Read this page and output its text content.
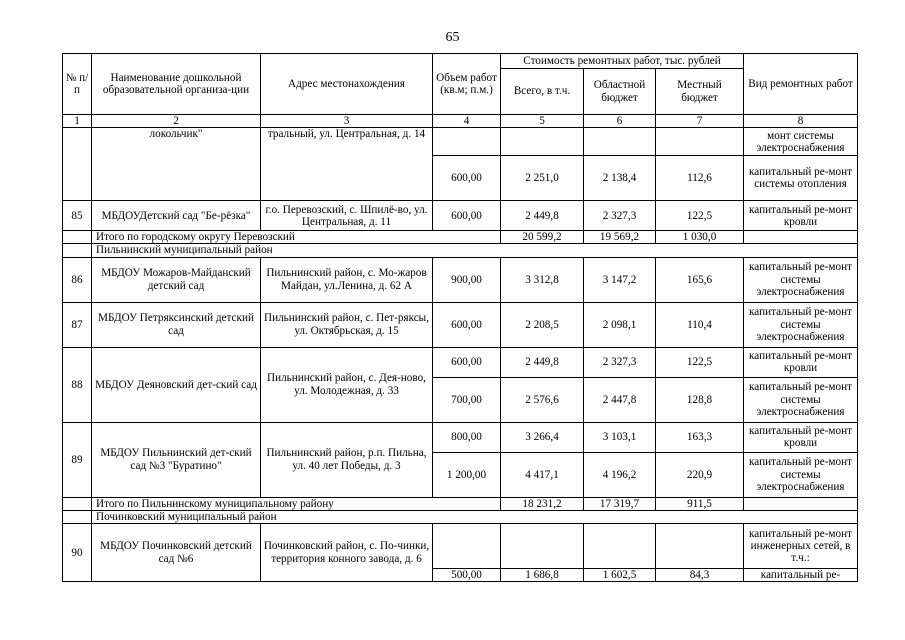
65
№ п/п	Наименование дошкольной образовательной организа-ции	Адрес местонахождения	Объем работ (кв.м; п.м.)	Стоимость ремонтных работ, тыс. рублей			Вид ремонтных работ
				Всего, в т.ч.	Областной бюджет	Местный бюджет	
1	2	3	4	5	6	7	8
	локольчик"	тральный, ул. Центральная, д. 14					монт системы электроснабжения
			600,00	2 251,0	2 138,4	112,6	капитальный ре-монт системы отопления
85	МБДОУДетский сад "Бе-рёзка"	г.о. Перевозский, с. Шпилё-во, ул. Центральная, д. 11	600,00	2 449,8	2 327,3	122,5	капитальный ре-монт кровли
	Итого по городскому округу Перевозский			20 599,2	19 569,2	1 030,0	
	Пильнинский муниципальный район						
86	МБДОУ Можаров-Майданский детский сад	Пильнинский район, с. Мо-жаров Майдан, ул.Ленина, д. 62 А	900,00	3 312,8	3 147,2	165,6	капитальный ре-монт системы электроснабжения
87	МБДОУ Петряксинский детский сад	Пильнинский район, с. Пет-ряксы, ул. Октябрьская, д. 15	600,00	2 208,5	2 098,1	110,4	капитальный ре-монт системы электроснабжения
88	МБДОУ Деяновский дет-ский сад	Пильнинский район, с. Дея-ново, ул. Молодежная, д. 33	600,00	2 449,8	2 327,3	122,5	капитальный ре-монт кровли
			700,00	2 576,6	2 447,8	128,8	капитальный ре-монт системы электроснабжения
89	МБДОУ Пильнинский дет-ский сад №3 "Буратино"	Пильнинский район, р.п. Пильна, ул. 40 лет Победы, д. 3	800,00	3 266,4	3 103,1	163,3	капитальный ре-монт кровли
			1 200,00	4 417,1	4 196,2	220,9	капитальный ре-монт системы электроснабжения
	Итого по Пильнинскому муниципальному району			18 231,2	17 319,7	911,5	
	Починковский муниципальный район						
90	МБДОУ Починковский детский сад №6	Починковский район, с. По-чинки, территория конного завода, д. 6					капитальный ре-монт инженерных сетей, в т.ч.:
			500,00	1 686,8	1 602,5	84,3	капитальный ре-
